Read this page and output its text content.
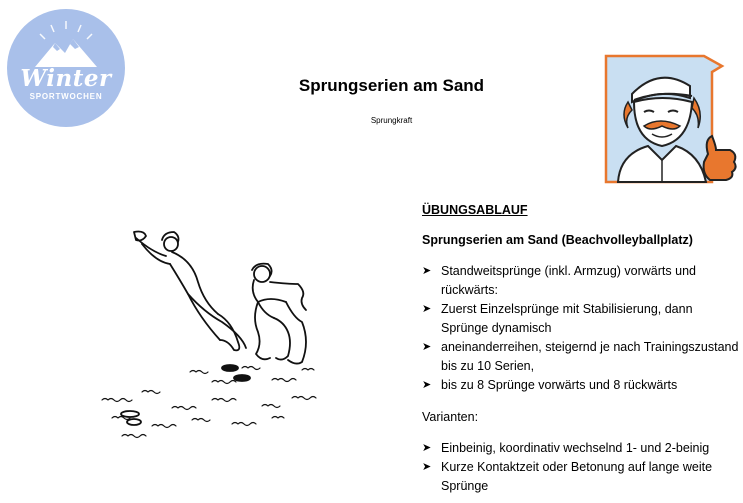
Winter
SPORTWOCHEN
Sprungserien am Sand
Sprungkraft
ÜBUNGSABLAUF
Sprungserien am Sand (Beachvolleyballplatz)
➤ Standweitsprünge (inkl. Armzug) vorwärts und rückwärts:
➤ Zuerst Einzelsprünge mit Stabilisierung, dann Sprünge dynamisch
➤ aneinanderreihen, steigernd je nach Trainingszustand bis zu 10 Serien,
➤ bis zu 8 Sprünge vorwärts und 8 rückwärts
Varianten:
➤ Einbeinig, koordinativ wechselnd 1- und 2-beinig
➤ Kurze Kontaktzeit oder Betonung auf lange weite Sprünge
